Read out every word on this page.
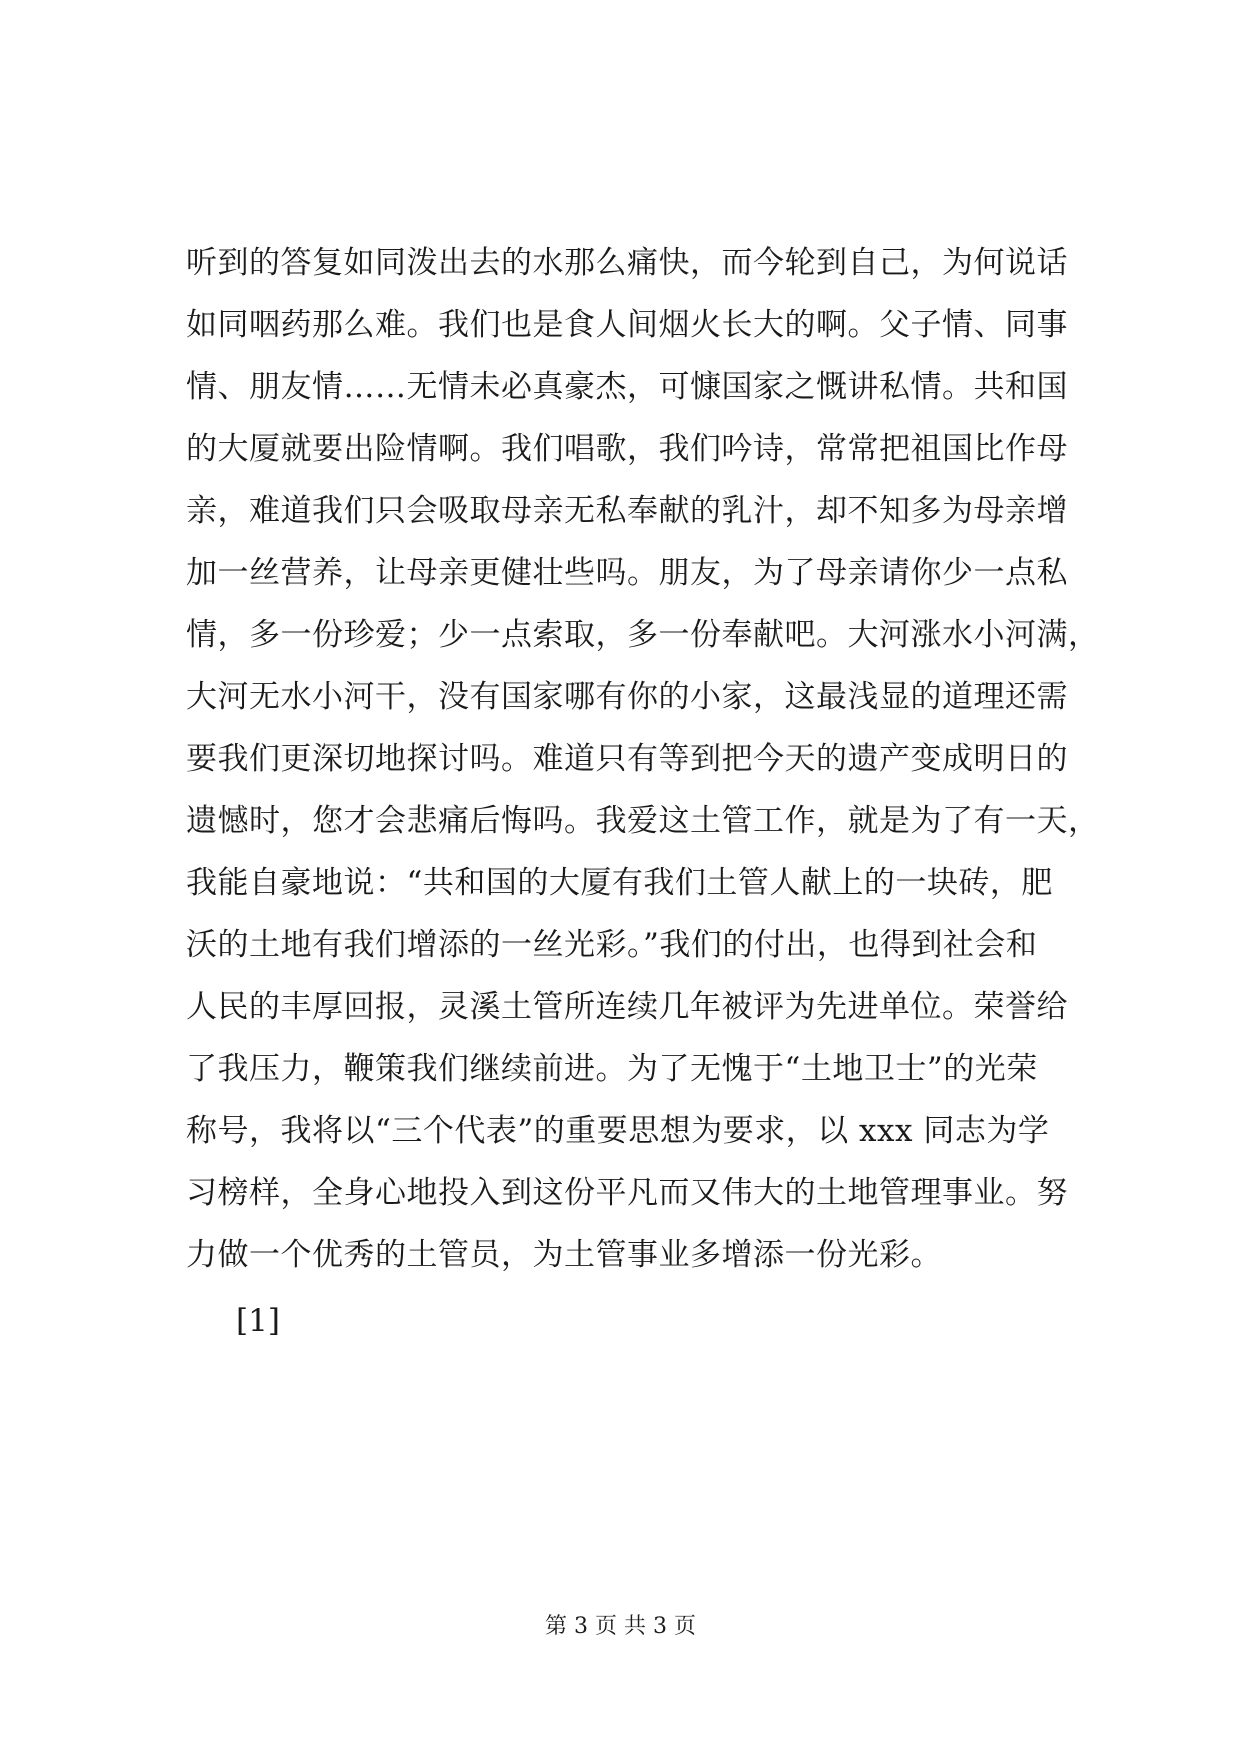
听到的答复如同泼出去的水那么痛快，而今轮到自己，为何说话
如同咽药那么难。我们也是食人间烟火长大的啊。父子情、同事
情、朋友情……无情未必真豪杰，可慷国家之慨讲私情。共和国
的大厦就要出险情啊。我们唱歌，我们吟诗，常常把祖国比作母
亲，难道我们只会吸取母亲无私奉献的乳汁，却不知多为母亲增
加一丝营养，让母亲更健壮些吗。朋友，为了母亲请你少一点私
情，多一份珍爱；少一点索取，多一份奉献吧。大河涨水小河满，
大河无水小河干，没有国家哪有你的小家，这最浅显的道理还需
要我们更深切地探讨吗。难道只有等到把今天的遗产变成明日的
遗憾时，您才会悲痛后悔吗。我爱这土管工作，就是为了有一天，
我能自豪地说：“共和国的大厦有我们土管人献上的一块砖，肥
沃的土地有我们增添的一丝光彩。”我们的付出，也得到社会和
人民的丰厚回报，灵溪土管所连续几年被评为先进单位。荣誉给
了我压力，鞭策我们继续前进。为了无愧于“土地卫士”的光荣
称号，我将以“三个代表”的重要思想为要求，以 xxx 同志为学
习榜样，全身心地投入到这份平凡而又伟大的土地管理事业。努
力做一个优秀的土管员，为土管事业多增添一份光彩。
[1]
第 3 页 共 3 页
